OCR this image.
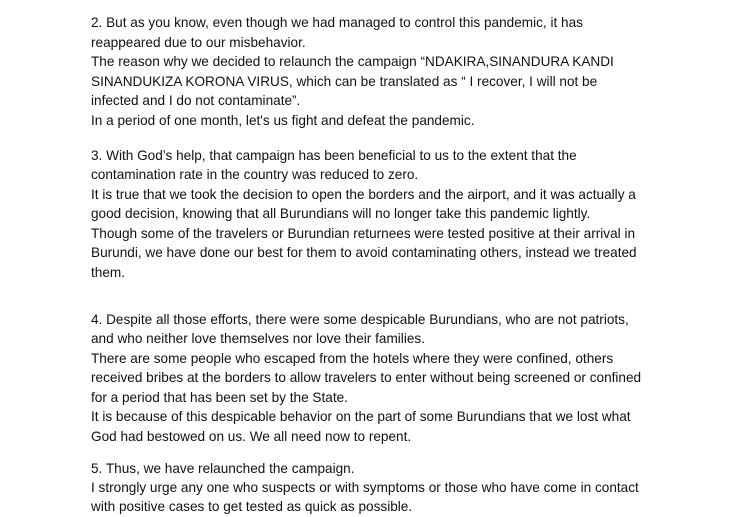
2. But as you know, even though we had managed to control this pandemic, it has

reappeared due to our misbehavior.

The reason why we decided to relaunch the campaign “NDAKIRA,SINANDURA KANDI

SINANDUKIZA KORONA VIRUS, which can be translated as “ I recover, I will not be

infected and I do not contaminate”.

In a period of one month, let's us fight and defeat the pandemic.

3. With God’s help, that campaign has been beneficial to us to the extent that the

contamination rate in the country was reduced to zero.

It is true that we took the decision to open the borders and the airport, and it was actually a

good decision, knowing that all Burundians will no longer take this pandemic lightly.

Though some of the travelers or Burundian returnees were tested positive at their arrival in

Burundi, we have done our best for them to avoid contaminating others, instead we treated

them.

4. Despite all those efforts, there were some despicable Burundians, who are not patriots,

and who neither love themselves nor love their families.

There are some people who escaped from the hotels where they were confined, others

received bribes at the borders to allow travelers to enter without being screened or confined

for a period that has been set by the State.

It is because of this despicable behavior on the part of some Burundians that we lost what

God had bestowed on us. We all need now to repent.

5. Thus, we have relaunched the campaign.

I strongly urge any one who suspects or with symptoms or those who have come in contact

with positive cases to get tested as quick as possible.
